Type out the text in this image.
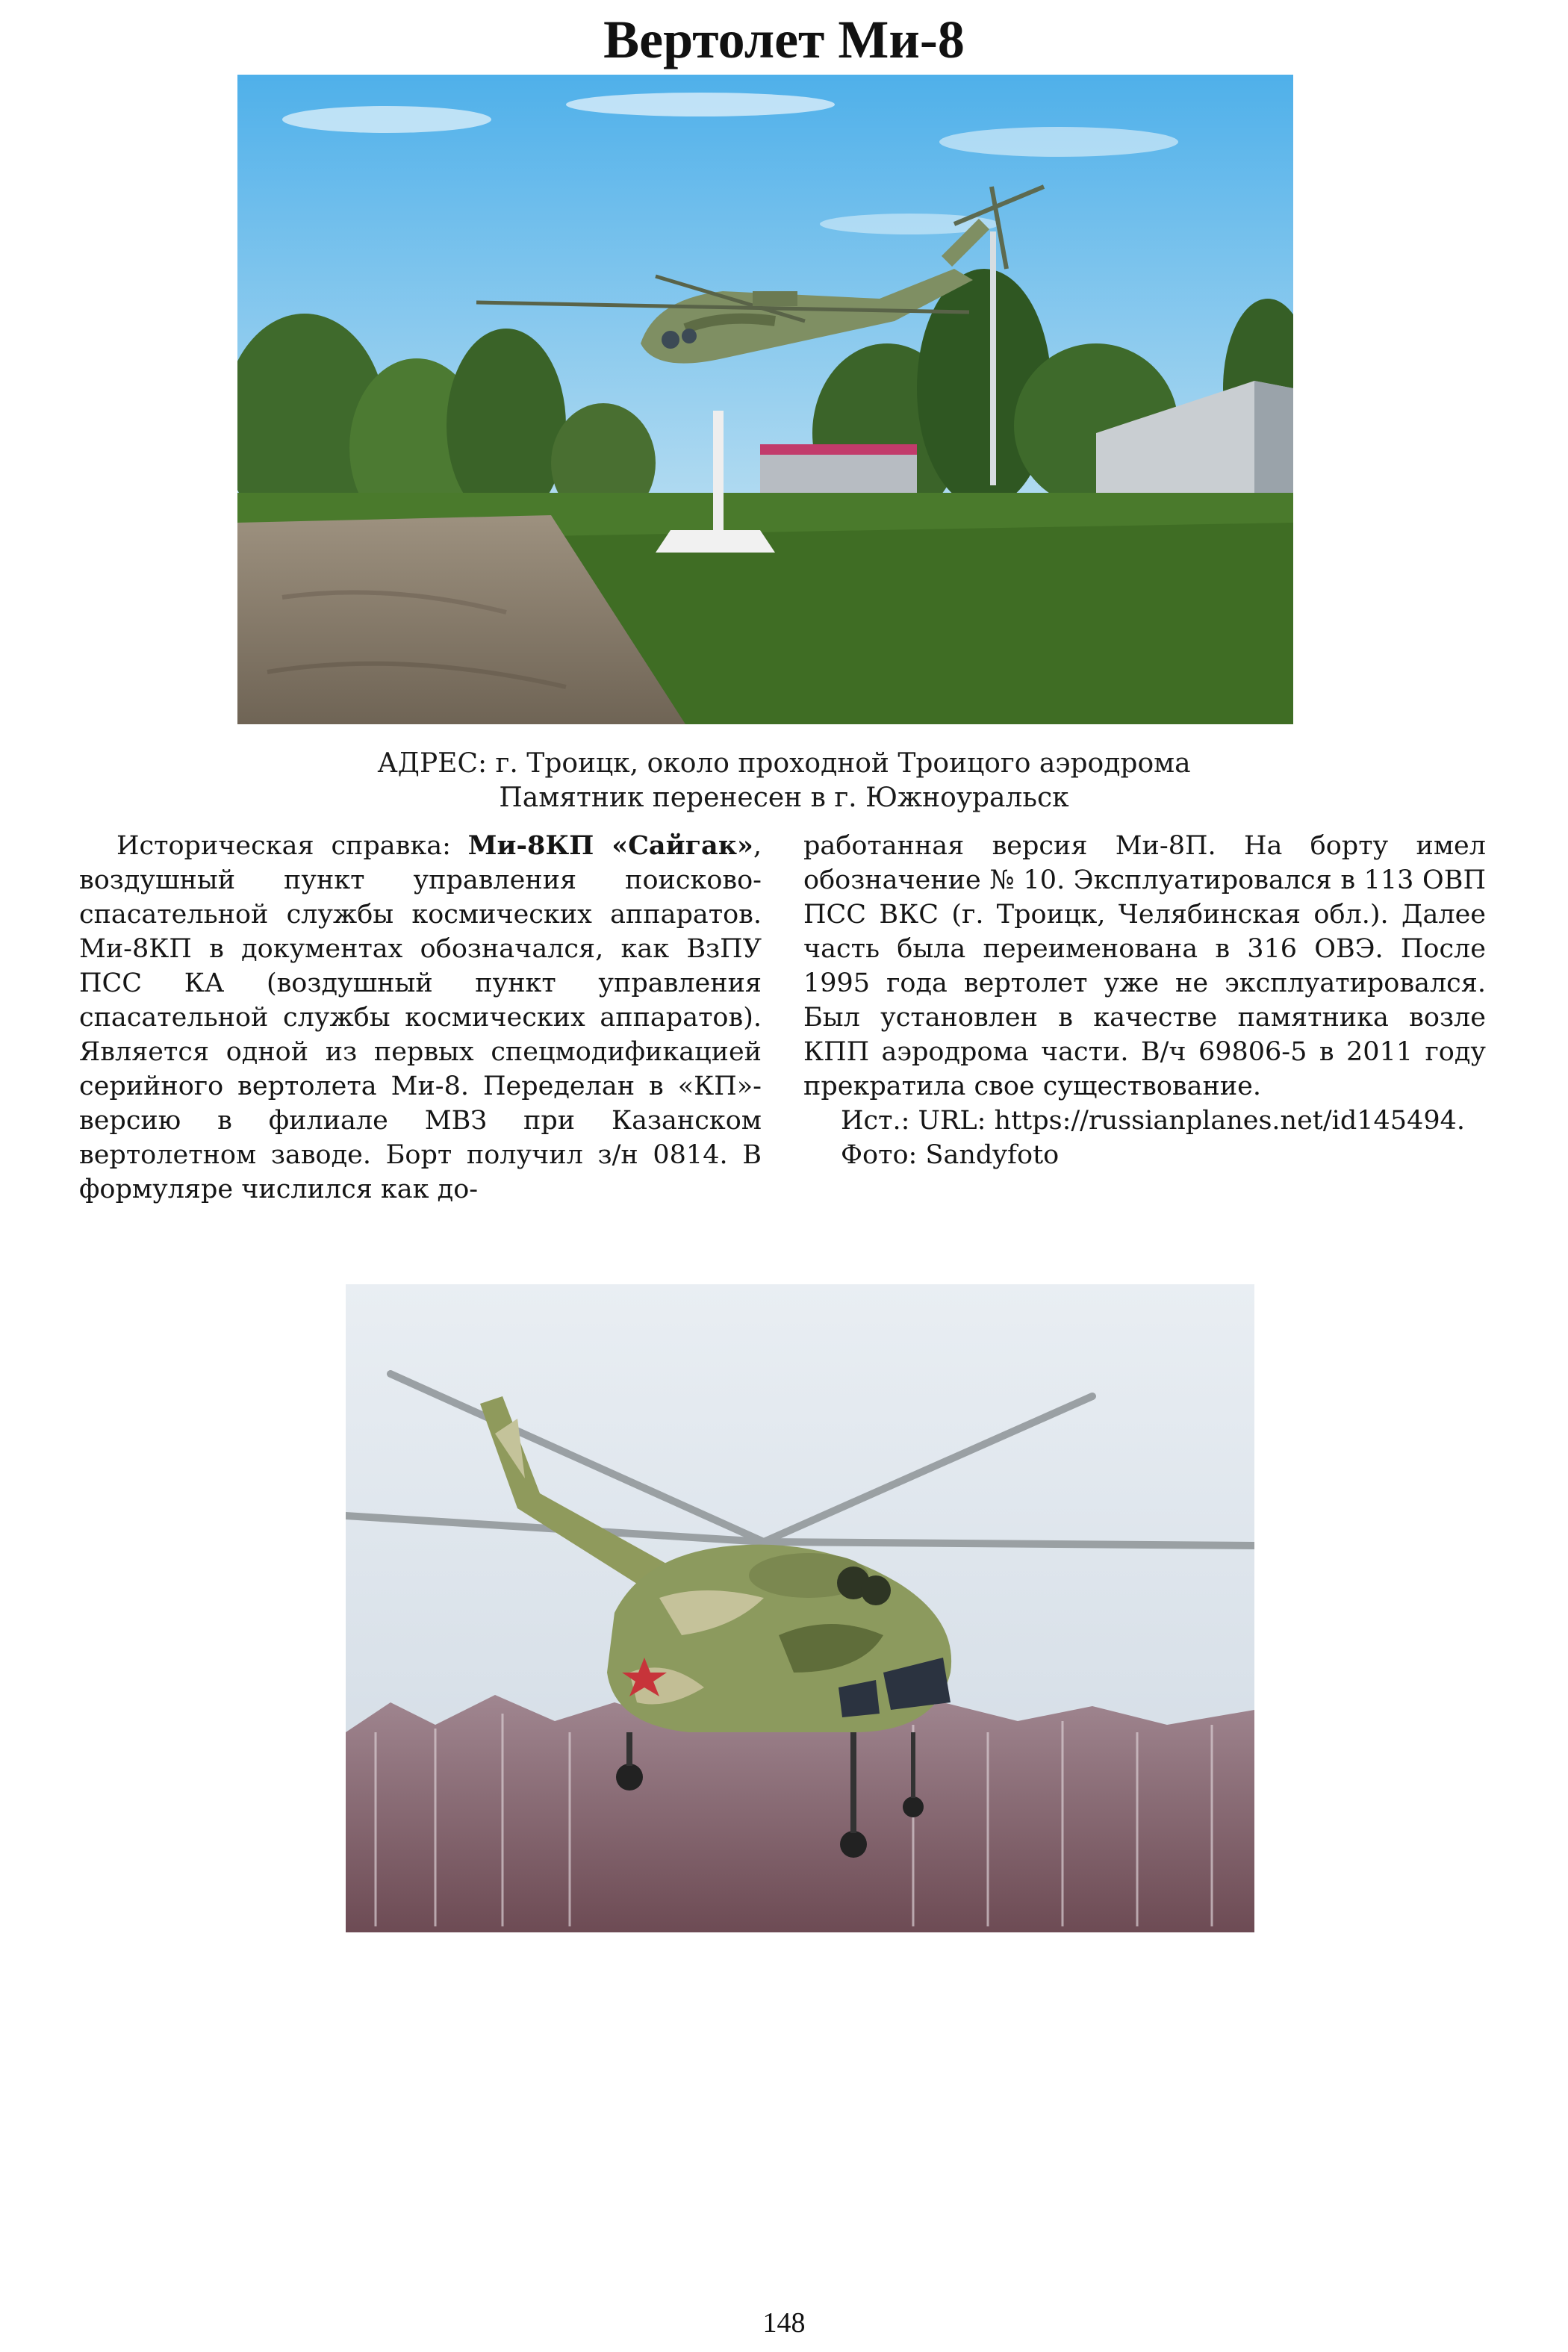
Вертолет Ми-8
АДРЕС: г. Троицк, около проходной Троицого аэродрома
Памятник перенесен в г. Южноуральск

Историческая справка: Ми-8КП «Сайгак», воздушный пункт управления поисково-спасательной службы космических аппаратов. Ми-8КП в документах обозначался, как ВзПУ ПСС КА (воздушный пункт управления спасательной службы космических аппаратов). Является одной из первых спецмодификацией серийного вертолета Ми-8. Переделан в «КП»-версию в филиале МВЗ при Казанском вертолетном заводе. Борт получил з/н 0814. В формуляре числился как до-

работанная версия Ми-8П. На борту имел обозначение № 10. Эксплуатировался в 113 ОВП ПСС ВКС (г. Троицк, Челябинская обл.). Далее часть была переименована в 316 ОВЭ. После 1995 года вертолет уже не эксплуатировался. Был установлен в качестве памятника возле КПП аэродрома части. В/ч 69806-5 в 2011 году прекратила свое существование.

Ист.: URL: https://russianplanes.net/id145494.

Фото: Sandyfoto

148
